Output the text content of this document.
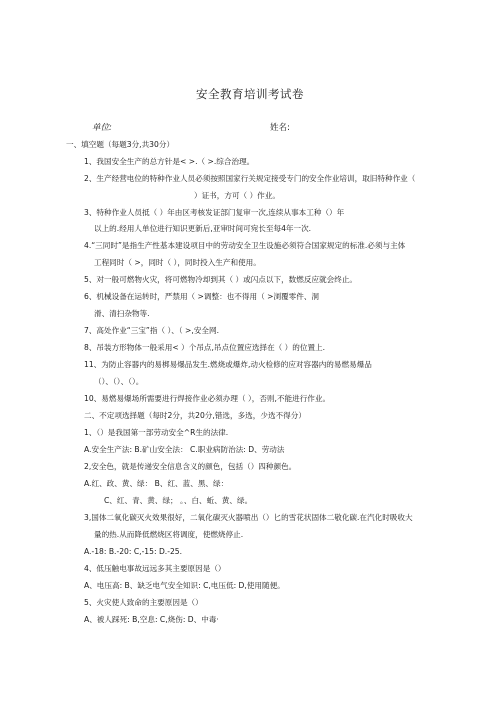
安全教育培训考试卷
单位:	姓名:
一、填空题（每题3分,共30分）
1、我国安全生产的总方针是< >.（ >.综合治理。
2、生产经营电位的特种作业人员必须按照国家行关规定接受专门的安全作业培训，取旧特种作业（
）证书，方可（ ）作业。
3、特种作业人员抵（ ）年由区考核发证部门复审一次,连续从事本工种（）年
以上的.经用人单位进行知识更新后,亚审时间可宛长至每4年一次.
4.“三同时”是指生产性基本建设项目中的劳动安全卫生设施必须符合国家规定的标准.必须与主体
工程同时（ >，同时（ ），同时投入生产和使用。
5、对一般可燃物火灾，将可燃物冷却到其（ ）或闪点以下，数燃反应就会终止。
6、机械设备在运转时，严禁用（ >调整：也不得用（ >浏覆零件、洞
滑、清扫杂物等.
7、高处作业“三宝”指（ ）、（ >,安全网.
8、吊装方形物体一般采用< ）个吊点,吊点位置应选择在（ ）的位置上.
11、为防止容器内的易梆易爆品发生.燃烧或爆炸,动火检修的应对容器内的易燃易爆品
（）、（）、（）。
10、易燃易爆场所需要进行焊接作业必须办理（ ），否则,不能进行作业。
二、不定项选择题（每时2分，共20分,错选，多选，少选不得分）
1、（）是我国第一部劳动安全^R生的法律.
A.安全生产法: B.矿山安全法： C.职业病防治法: D、劳动法
2,安全色，就是传递安全信息含义的颜色，包括（）四种颜色。
A.红、政、黄、绿： B、红、蓝、黑、绿：
C、红、青、黄、绿； 。、白、蚯、黄、绿。
3,国体二氧化碳灭火效果很好，二氧化碳灭火器喷出（）匕的雪花状固体二敬化碳.在汽化时吸收大
量的热.从而降低燃烧区将调度，使燃烧停止.
A.-18: B.-20: C,-15: D.-25.
4、低压触电事故远远多其主要原因是（）
A、电压高: B、缺乏电气安全知识: C,电压低: D,使用随便。
5、火灾使人致命的主要原因是（）
A、被人踩死: B,空息: C,烧伤: D、中毒·
